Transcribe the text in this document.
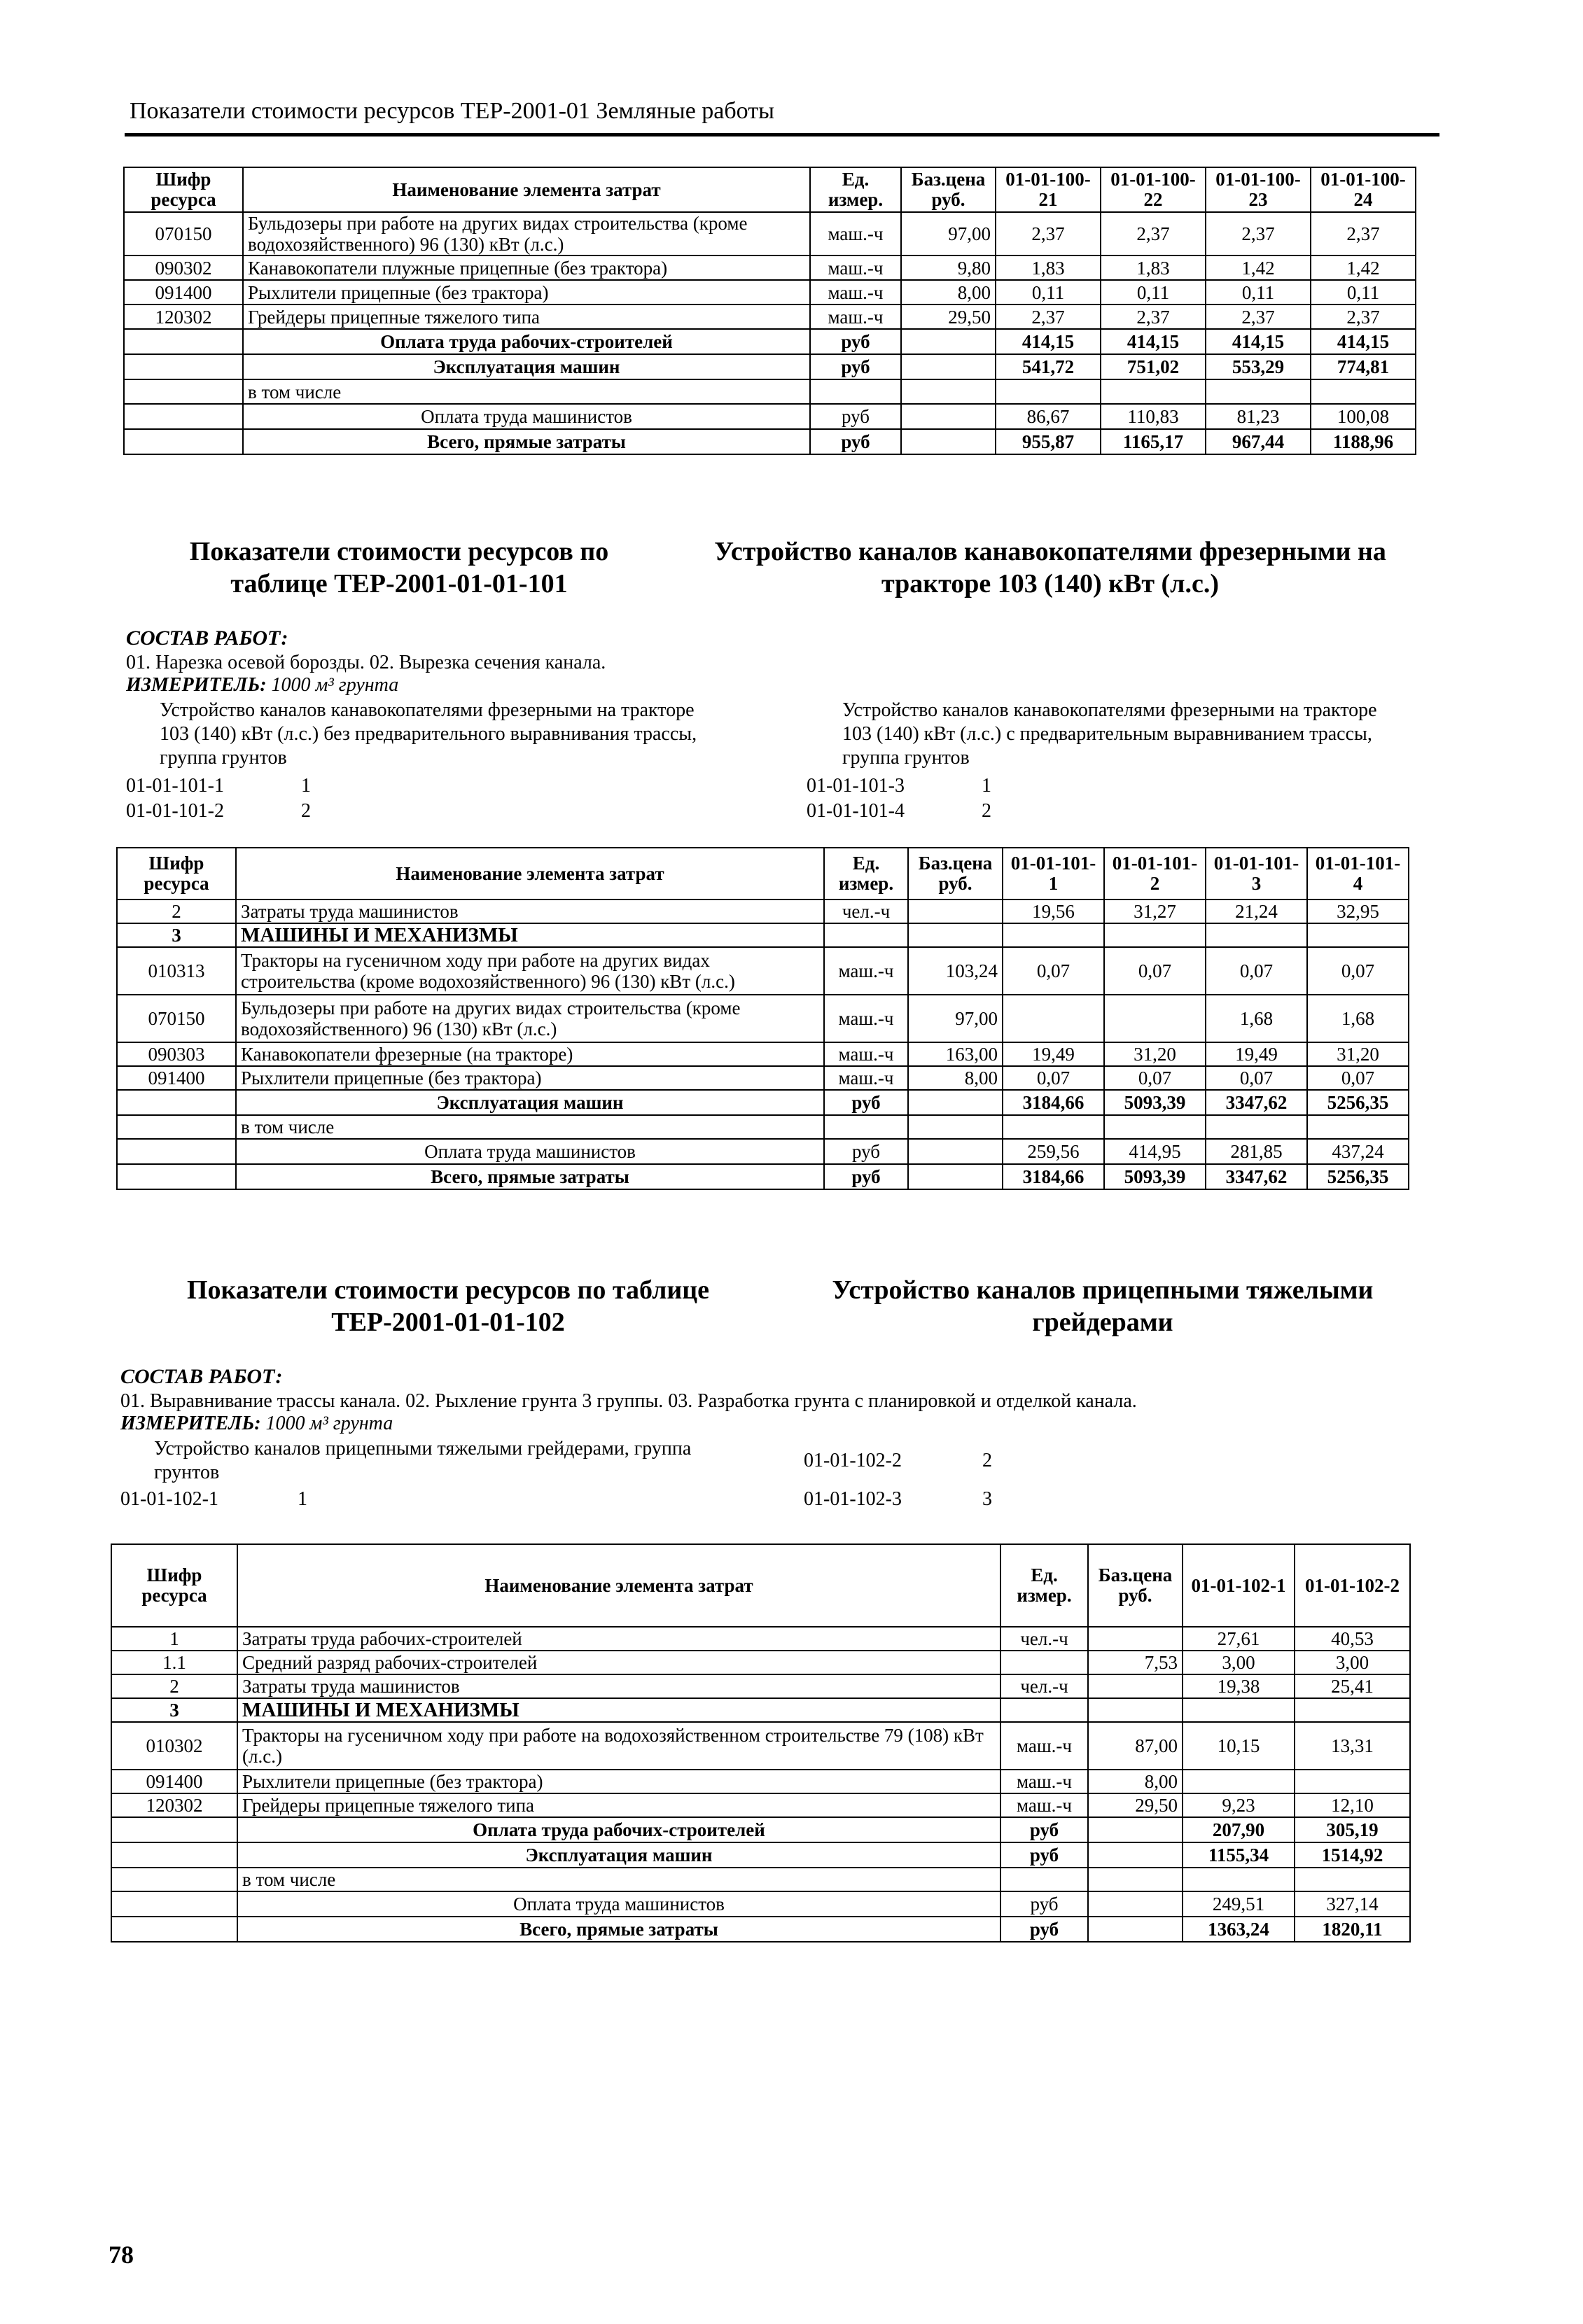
Показатели стоимости ресурсов ТЕР-2001-01 Земляные работы
Шифр ресурса	Наименование элемента затрат	Ед. измер.	Баз.цена руб.	01-01-100-21	01-01-100-22	01-01-100-23	01-01-100-24
070150	Бульдозеры при работе на других видах строительства (кроме водохозяйственного) 96 (130) кВт (л.с.)	маш.-ч	97,00	2,37	2,37	2,37	2,37
090302	Канавокопатели плужные прицепные (без трактора)	маш.-ч	9,80	1,83	1,83	1,42	1,42
091400	Рыхлители прицепные (без трактора)	маш.-ч	8,00	0,11	0,11	0,11	0,11
120302	Грейдеры прицепные тяжелого типа	маш.-ч	29,50	2,37	2,37	2,37	2,37
	Оплата труда рабочих-строителей	руб		414,15	414,15	414,15	414,15
	Эксплуатация машин	руб		541,72	751,02	553,29	774,81
	в том числе						
	Оплата труда машинистов	руб		86,67	110,83	81,23	100,08
	Всего, прямые затраты	руб		955,87	1165,17	967,44	1188,96
Показатели стоимости ресурсов по таблице ТЕР-2001-01-01-101
Устройство каналов канавокопателями фрезерными на тракторе 103 (140) кВт (л.с.)
СОСТАВ РАБОТ:
01. Нарезка осевой борозды. 02. Вырезка сечения канала.
ИЗМЕРИТЕЛЬ: 1000 м³ грунта
Устройство каналов канавокопателями фрезерными на тракторе 103 (140) кВт (л.с.) без предварительного выравнивания трассы, группа грунтов
Устройство каналов канавокопателями фрезерными на тракторе 103 (140) кВт (л.с.) с предварительным выравниванием трассы, группа грунтов
01-01-101-1	1
01-01-101-2	2
01-01-101-3	1
01-01-101-4	2
Шифр ресурса	Наименование элемента затрат	Ед. измер.	Баз.цена руб.	01-01-101-1	01-01-101-2	01-01-101-3	01-01-101-4
2	Затраты труда машинистов	чел.-ч		19,56	31,27	21,24	32,95
3	МАШИНЫ И МЕХАНИЗМЫ						
010313	Тракторы на гусеничном ходу при работе на других видах строительства (кроме водохозяйственного) 96 (130) кВт (л.с.)	маш.-ч	103,24	0,07	0,07	0,07	0,07
070150	Бульдозеры при работе на других видах строительства (кроме водохозяйственного) 96 (130) кВт (л.с.)	маш.-ч	97,00			1,68	1,68
090303	Канавокопатели фрезерные (на тракторе)	маш.-ч	163,00	19,49	31,20	19,49	31,20
091400	Рыхлители прицепные (без трактора)	маш.-ч	8,00	0,07	0,07	0,07	0,07
	Эксплуатация машин	руб		3184,66	5093,39	3347,62	5256,35
	в том числе						
	Оплата труда машинистов	руб		259,56	414,95	281,85	437,24
	Всего, прямые затраты	руб		3184,66	5093,39	3347,62	5256,35
Показатели стоимости ресурсов по таблице ТЕР-2001-01-01-102
Устройство каналов прицепными тяжелыми грейдерами
СОСТАВ РАБОТ:
01. Выравнивание трассы канала. 02. Рыхление грунта 3 группы. 03. Разработка грунта с планировкой и отделкой канала.
ИЗМЕРИТЕЛЬ: 1000 м³ грунта
Устройство каналов прицепными тяжелыми грейдерами, группа грунтов
01-01-102-1	1
01-01-102-2	2
01-01-102-3	3
Шифр ресурса	Наименование элемента затрат	Ед. измер.	Баз.цена руб.	01-01-102-1	01-01-102-2	
1	Затраты труда рабочих-строителей	чел.-ч		27,61	40,53	
1.1	Средний разряд рабочих-строителей		7,53	3,00	3,00	
2	Затраты труда машинистов	чел.-ч		19,38	25,41	
3	МАШИНЫ И МЕХАНИЗМЫ					
010302	Тракторы на гусеничном ходу при работе на водохозяйственном строительстве 79 (108) кВт (л.с.)	маш.-ч	87,00	10,15	13,31	
091400	Рыхлители прицепные (без трактора)	маш.-ч	8,00			
120302	Грейдеры прицепные тяжелого типа	маш.-ч	29,50	9,23	12,10	
	Оплата труда рабочих-строителей	руб		207,90	305,19	
	Эксплуатация машин	руб		1155,34	1514,92	
	в том числе					
	Оплата труда машинистов	руб		249,51	327,14	
	Всего, прямые затраты	руб		1363,24	1820,11	
78
